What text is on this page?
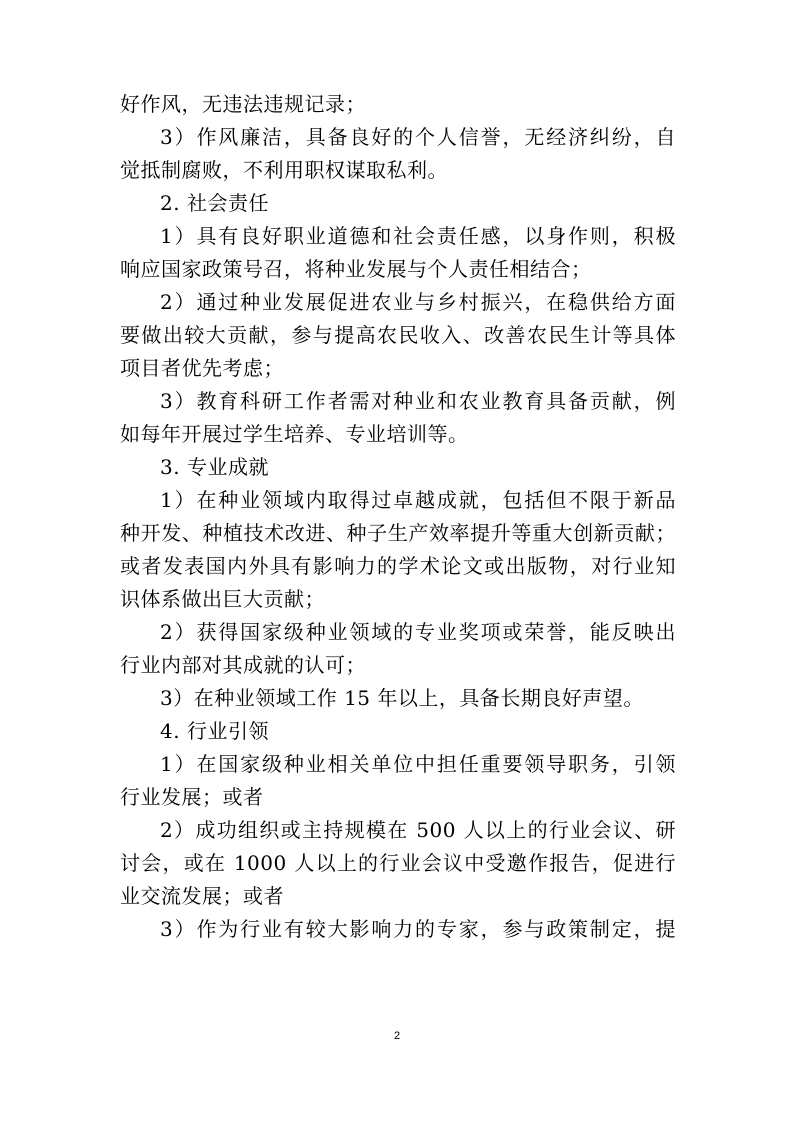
好作风，无违法违规记录；
3）作风廉洁，具备良好的个人信誉，无经济纠纷，自
觉抵制腐败，不利用职权谋取私利。
2. 社会责任
1）具有良好职业道德和社会责任感，以身作则，积极
响应国家政策号召，将种业发展与个人责任相结合；
2）通过种业发展促进农业与乡村振兴，在稳供给方面
要做出较大贡献，参与提高农民收入、改善农民生计等具体
项目者优先考虑；
3）教育科研工作者需对种业和农业教育具备贡献，例
如每年开展过学生培养、专业培训等。
3. 专业成就
1）在种业领域内取得过卓越成就，包括但不限于新品
种开发、种植技术改进、种子生产效率提升等重大创新贡献；
或者发表国内外具有影响力的学术论文或出版物，对行业知
识体系做出巨大贡献；
2）获得国家级种业领域的专业奖项或荣誉，能反映出
行业内部对其成就的认可；
3）在种业领域工作 15 年以上，具备长期良好声望。
4. 行业引领
1）在国家级种业相关单位中担任重要领导职务，引领
行业发展；或者
2）成功组织或主持规模在 500 人以上的行业会议、研
讨会，或在 1000 人以上的行业会议中受邀作报告，促进行
业交流发展；或者
3）作为行业有较大影响力的专家，参与政策制定，提
2
